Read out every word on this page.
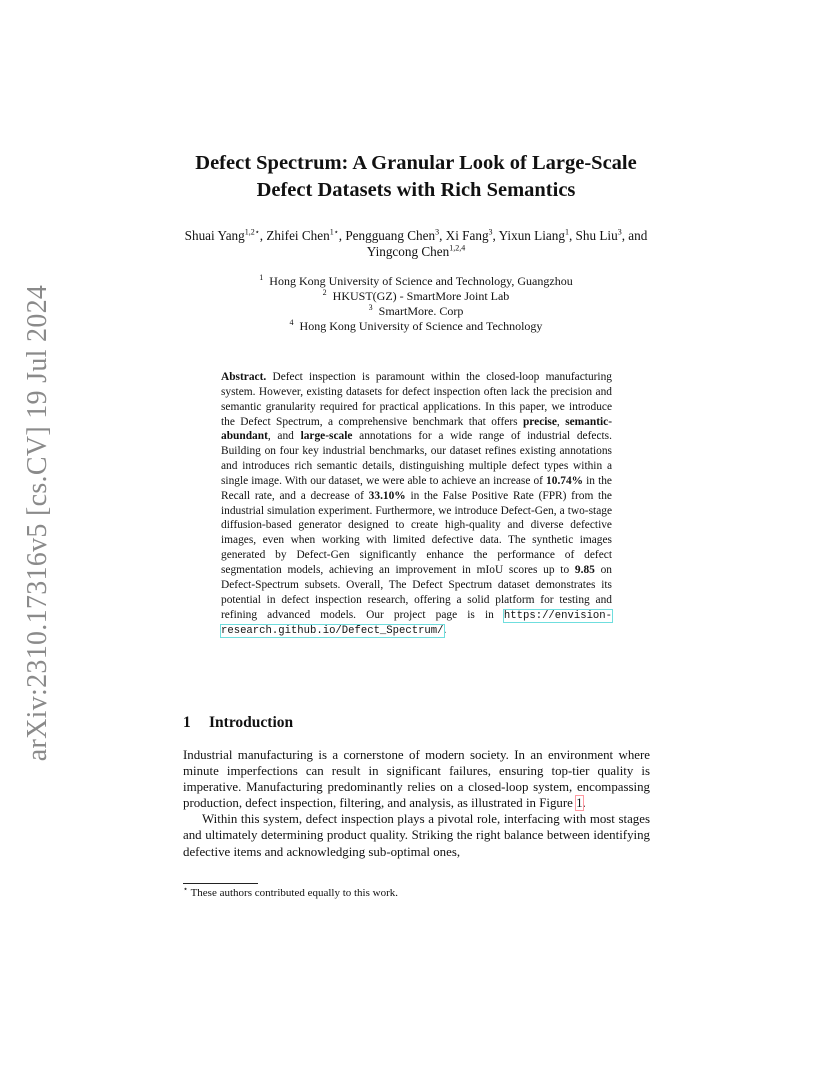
arXiv:2310.17316v5 [cs.CV] 19 Jul 2024
Defect Spectrum: A Granular Look of Large-Scale
Defect Datasets with Rich Semantics
Shuai Yang$^{1,2⋆}$, Zhifei Chen$^{1⋆}$, Pengguang Chen$^3$, Xi Fang$^3$, Yixun Liang$^1$, Shu Liu$^3$, and Yingcong Chen$^{1,2,4}$
$^1$ Hong Kong University of Science and Technology, Guangzhou
$^2$ HKUST(GZ) - SmartMore Joint Lab
$^3$ SmartMore. Corp
$^4$ Hong Kong University of Science and Technology
Abstract. Defect inspection is paramount within the closed-loop manufacturing system. However, existing datasets for defect inspection often lack the precision and semantic granularity required for practical applications. In this paper, we introduce the Defect Spectrum, a comprehensive benchmark that offers precise, semantic-abundant, and large-scale annotations for a wide range of industrial defects. Building on four key industrial benchmarks, our dataset refines existing annotations and introduces rich semantic details, distinguishing multiple defect types within a single image. With our dataset, we were able to achieve an increase of 10.74% in the Recall rate, and a decrease of 33.10% in the False Positive Rate (FPR) from the industrial simulation experiment. Furthermore, we introduce Defect-Gen, a two-stage diffusion-based generator designed to create high-quality and diverse defective images, even when working with limited defective data. The synthetic images generated by Defect-Gen significantly enhance the performance of defect segmentation models, achieving an improvement in mIoU scores up to 9.85 on Defect-Spectrum subsets. Overall, The Defect Spectrum dataset demonstrates its potential in defect inspection research, offering a solid platform for testing and refining advanced models. Our project page is in https://envision-research.github.io/Defect_Spectrum/.
1 Introduction

Industrial manufacturing is a cornerstone of modern society. In an environment where minute imperfections can result in significant failures, ensuring top-tier quality is imperative. Manufacturing predominantly relies on a closed-loop system, encompassing production, defect inspection, filtering, and analysis, as illustrated in Figure 1.

Within this system, defect inspection plays a pivotal role, interfacing with most stages and ultimately determining product quality. Striking the right balance between identifying defective items and acknowledging sub-optimal ones,

⋆ These authors contributed equally to this work.
